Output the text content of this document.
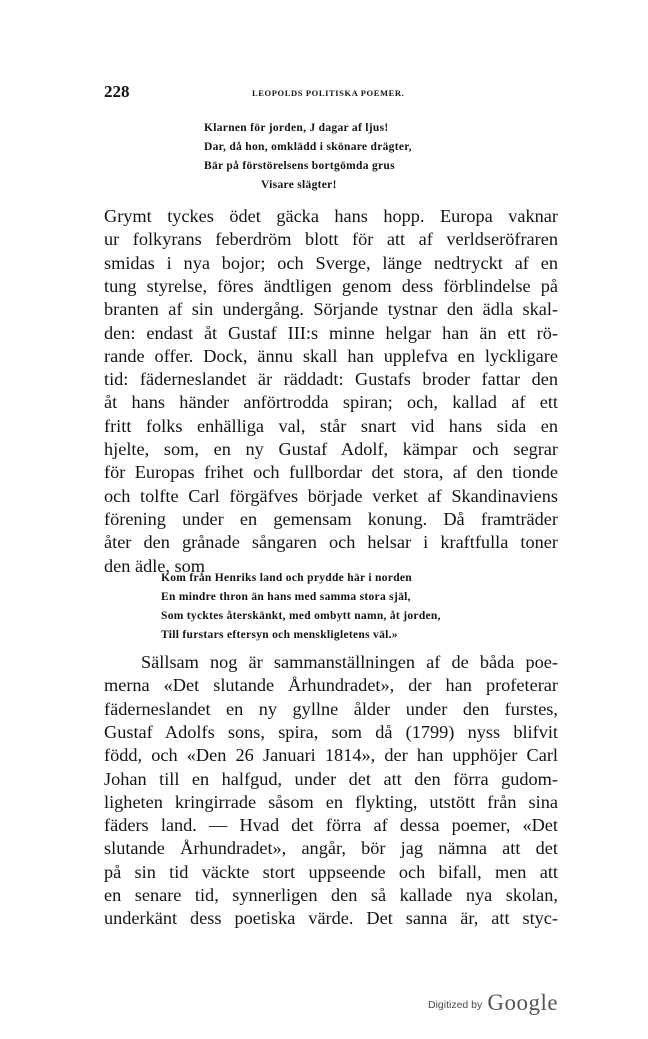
228	LEOPOLDS POLITISKA POEMER.
Klarnen för jorden, J dagar af ljus!
Dar, då hon, omklädd i skönare drägter,
Bär på förstörelsens bortgömda grus
Visare slägter!
Grymt tyckes ödet gäcka hans hopp. Europa vaknar
ur folkyrans feberdröm blott för att af verldseröfraren
smidas i nya bojor; och Sverge, länge nedtryckt af en
tung styrelse, föres ändtligen genom dess förblindelse på
branten af sin undergång. Sörjande tystnar den ädla skal-
den: endast åt Gustaf III:s minne helgar han än ett rö-
rande offer. Dock, ännu skall han upplefva en lyckligare
tid: fäderneslandet är räddadt: Gustafs broder fattar den
åt hans händer anförtrodda spiran; och, kallad af ett
fritt folks enhälliga val, står snart vid hans sida en
hjelte, som, en ny Gustaf Adolf, kämpar och segrar
för Europas frihet och fullbordar det stora, af den tionde
och tolfte Carl förgäfves började verket af Skandinaviens
förening under en gemensam konung. Då framträder
åter den grånade sångaren och helsar i kraftfulla toner
den ädle, som
Kom från Henriks land och prydde här i norden
En mindre thron än hans med samma stora själ,
Som tycktes återskänkt, med ombytt namn, åt jorden,
Till furstars eftersyn och menskligletens väl.»
Sällsam nog är sammanställningen af de båda poe-
merna «Det slutande Århundradet», der han profeterar
fäderneslandet en ny gyllne ålder under den furstes,
Gustaf Adolfs sons, spira, som då (1799) nyss blifvit
född, och «Den 26 Januari 1814», der han upphöjer Carl
Johan till en halfgud, under det att den förra gudom-
ligheten kringirrade såsom en flykting, utstött från sina
fäders land. — Hvad det förra af dessa poemer, «Det
slutande Århundradet», angår, bör jag nämna att det
på sin tid väckte stort uppseende och bifall, men att
en senare tid, synnerligen den så kallade nya skolan,
underkänt dess poetiska värde. Det sanna är, att styc-
Digitized by Google
